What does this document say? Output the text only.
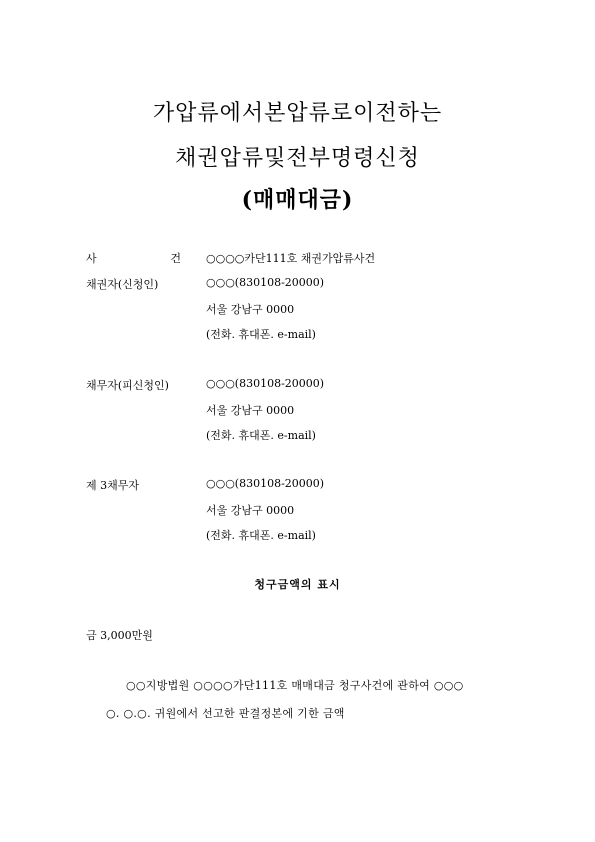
가압류에서본압류로이전하는
채권압류및전부명령신청
(매매대금)
사	건 ○○○○카단111호 채권가압류사건
채권자(신청인)	○○○(830108-20000)
서울 강남구 0000
(전화. 휴대폰. e-mail)
채무자(피신청인)	○○○(830108-20000)
서울 강남구 0000
(전화. 휴대폰. e-mail)
제 3채무자	○○○(830108-20000)
서울 강남구 0000
(전화. 휴대폰. e-mail)
청구금액의 표시
금 3,000만원
○○지방법원 ○○○○가단111호 매매대금 청구사건에 관하여 ○○○
○. ○.○. 귀원에서 선고한 판결정본에 기한 금액
